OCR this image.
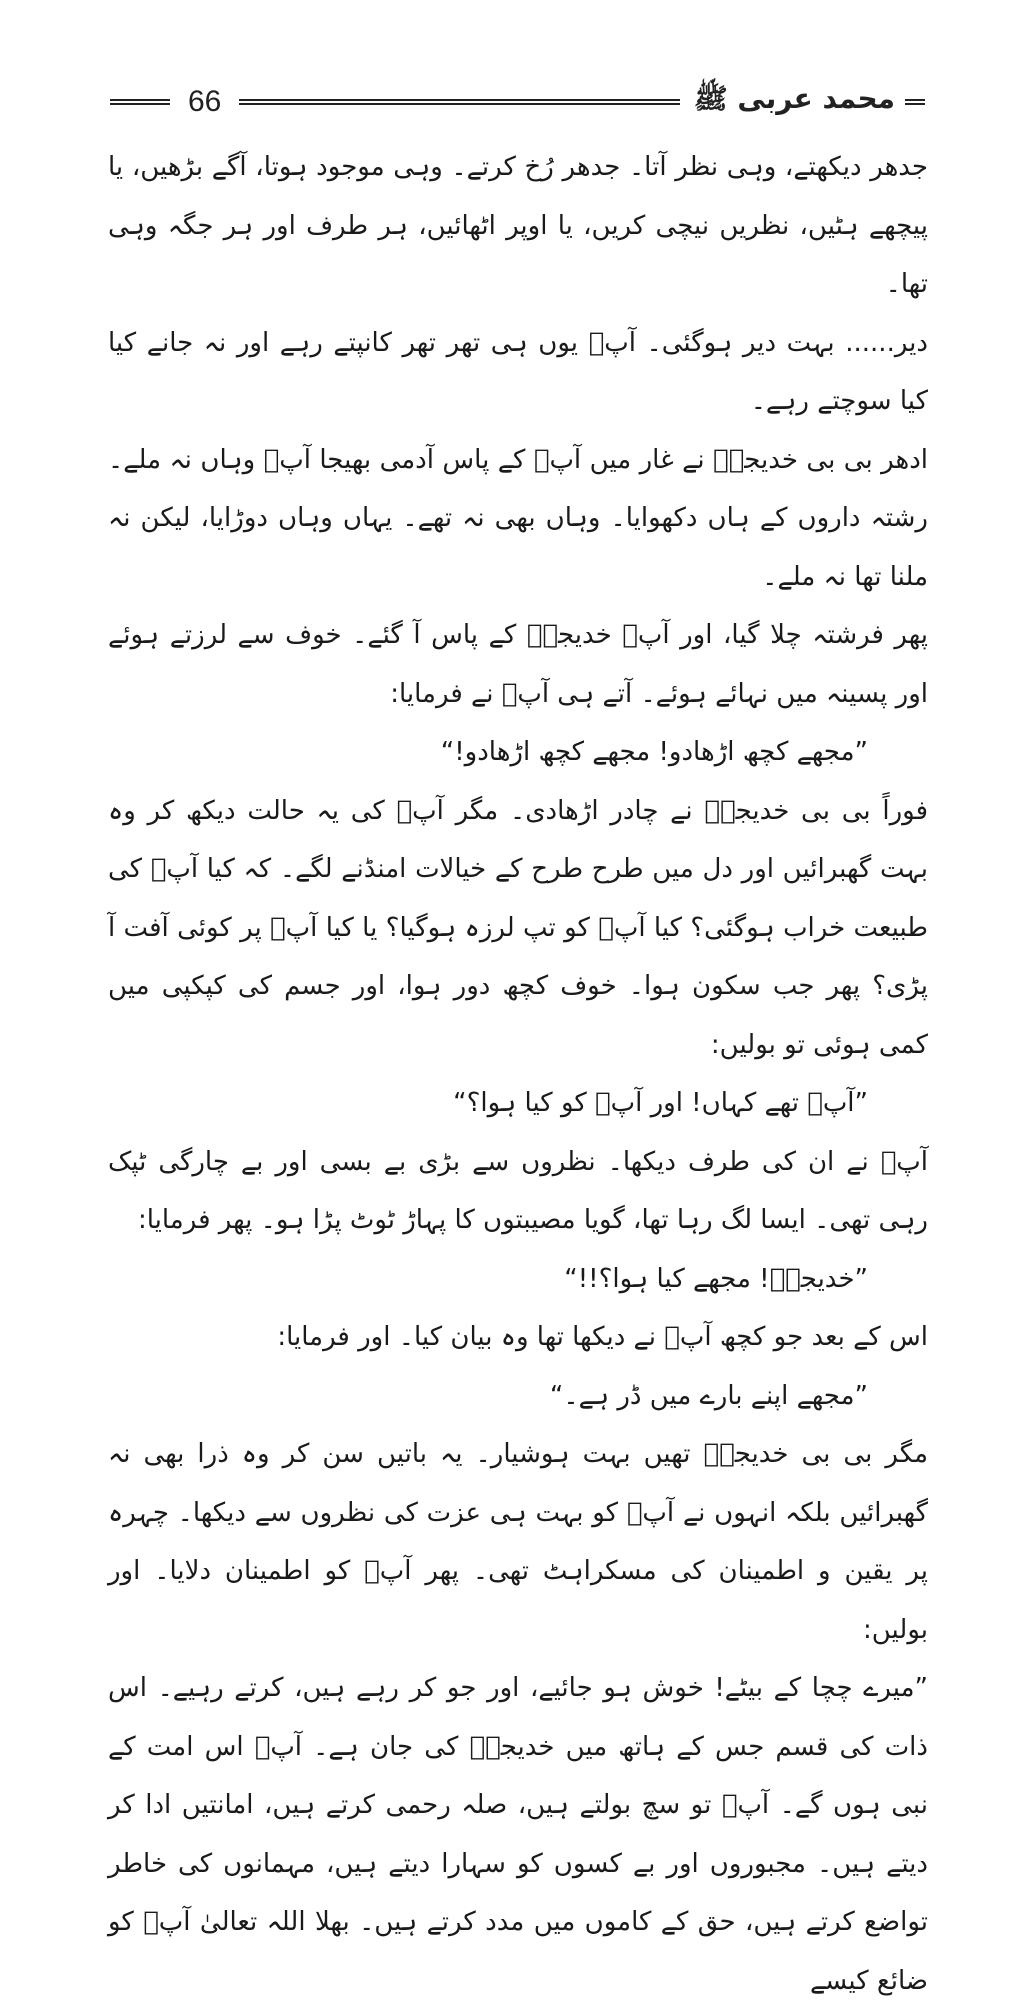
66	محمد عربی ﷺ

جدھر دیکھتے، وہی نظر آتا۔ جدھر رُخ کرتے۔ وہی موجود ہوتا، آگے بڑھیں، یا پیچھے ہٹیں، نظریں نیچی کریں، یا اوپر اٹھائیں، ہر طرف اور ہر جگہ وہی تھا۔

دیر...... بہت دیر ہوگئی۔ آپؐ یوں ہی تھر تھر کانپتے رہے اور نہ جانے کیا کیا سوچتے رہے۔

ادھر بی بی خدیجہؓ نے غار میں آپؐ کے پاس آدمی بھیجا آپؐ وہاں نہ ملے۔ رشتہ داروں کے ہاں دکھوایا۔ وہاں بھی نہ تھے۔ یہاں وہاں دوڑایا، لیکن نہ ملنا تھا نہ ملے۔

پھر فرشتہ چلا گیا، اور آپؐ خدیجہؓ کے پاس آ گئے۔ خوف سے لرزتے ہوئے اور پسینہ میں نہائے ہوئے۔ آتے ہی آپؐ نے فرمایا:

”مجھے کچھ اڑھادو! مجھے کچھ اڑھادو!“

فوراً بی بی خدیجہؓ نے چادر اڑھادی۔ مگر آپؐ کی یہ حالت دیکھ کر وہ بہت گھبرائیں اور دل میں طرح طرح کے خیالات امنڈنے لگے۔ کہ کیا آپؐ کی طبیعت خراب ہوگئی؟ کیا آپؐ کو تپ لرزہ ہوگیا؟ یا کیا آپؐ پر کوئی آفت آ پڑی؟ پھر جب سکون ہوا۔ خوف کچھ دور ہوا، اور جسم کی کپکپی میں کمی ہوئی تو بولیں:

”آپؐ تھے کہاں! اور آپؐ کو کیا ہوا؟“

آپؐ نے ان کی طرف دیکھا۔ نظروں سے بڑی بے بسی اور بے چارگی ٹپک رہی تھی۔ ایسا لگ رہا تھا، گویا مصیبتوں کا پہاڑ ٹوٹ پڑا ہو۔ پھر فرمایا:

”خدیجہؓ! مجھے کیا ہوا؟!!“

اس کے بعد جو کچھ آپؐ نے دیکھا تھا وہ بیان کیا۔ اور فرمایا:

”مجھے اپنے بارے میں ڈر ہے۔“

مگر بی بی خدیجہؓ تھیں بہت ہوشیار۔ یہ باتیں سن کر وہ ذرا بھی نہ گھبرائیں بلکہ انہوں نے آپؐ کو بہت ہی عزت کی نظروں سے دیکھا۔ چہرہ پر یقین و اطمینان کی مسکراہٹ تھی۔ پھر آپؐ کو اطمینان دلایا۔ اور بولیں:

”میرے چچا کے بیٹے! خوش ہو جائیے، اور جو کر رہے ہیں، کرتے رہیے۔ اس ذات کی قسم جس کے ہاتھ میں خدیجہؓ کی جان ہے۔ آپؐ اس امت کے نبی ہوں گے۔ آپؐ تو سچ بولتے ہیں، صلہ رحمی کرتے ہیں، امانتیں ادا کر دیتے ہیں۔ مجبوروں اور بے کسوں کو سہارا دیتے ہیں، مہمانوں کی خاطر تواضع کرتے ہیں، حق کے کاموں میں مدد کرتے ہیں۔ بھلا اللہ تعالیٰ آپؐ کو ضائع کیسے
